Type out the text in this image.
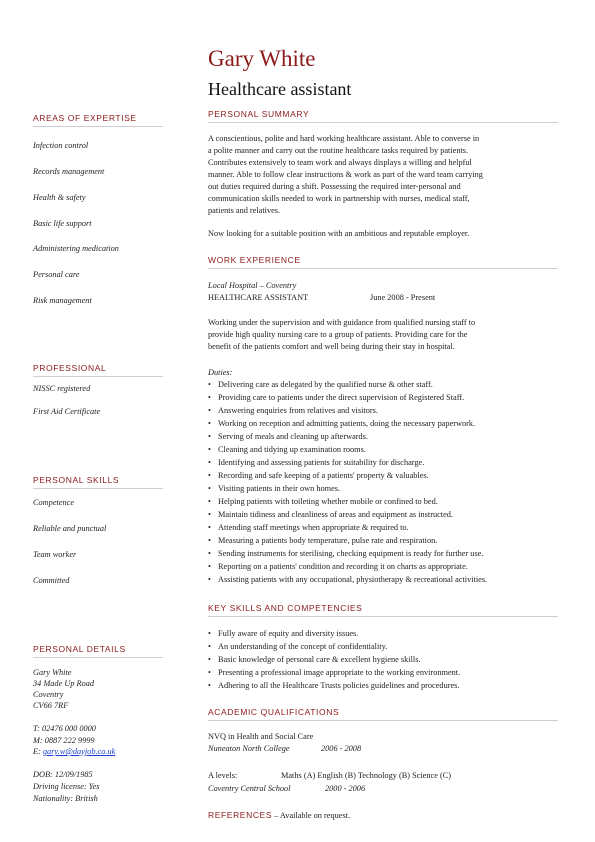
Gary White
Healthcare assistant
AREAS OF EXPERTISE
Infection control
Records management
Health & safety
Basic life support
Administering medication
Personal care
Risk management
PROFESSIONAL
NISSC registered
First Aid Certificate
PERSONAL SKILLS
Competence
Reliable and punctual
Team worker
Committed
PERSONAL DETAILS
Gary White
34 Made Up Road
Coventry
CV66 7RF
T: 02476 000 0000
M: 0887 222 9999
E: gary.w@dayjob.co.uk
DOB: 12/09/1985
Driving license: Yes
Nationality: British
PERSONAL SUMMARY
A conscientious, polite and hard working healthcare assistant. Able to converse in
a polite manner and carry out the routine healthcare tasks required by patients.
Contributes extensively to team work and always displays a willing and helpful
manner. Able to follow clear instructions & work as part of the ward team carrying
out duties required during a shift. Possessing the required inter-personal and
communication skills needed to work in partnership with nurses, medical staff,
patients and relatives.
Now looking for a suitable position with an ambitious and reputable employer.
WORK EXPERIENCE
Local Hospital – Coventry
HEALTHCARE ASSISTANT	June 2008 - Present
Working under the supervision and with guidance from qualified nursing staff to
provide high quality nursing care to a group of patients. Providing care for the
benefit of the patients comfort and well being during their stay in hospital.
Duties:
• Delivering care as delegated by the qualified nurse & other staff.
• Providing care to patients under the direct supervision of Registered Staff.
• Answering enquiries from relatives and visitors.
• Working on reception and admitting patients, doing the necessary paperwork.
• Serving of meals and cleaning up afterwards.
• Cleaning and tidying up examination rooms.
• Identifying and assessing patients for suitability for discharge.
• Recording and safe keeping of a patients' property & valuables.
• Visiting patients in their own homes.
• Helping patients with toileting whether mobile or confined to bed.
• Maintain tidiness and cleanliness of areas and equipment as instructed.
• Attending staff meetings when appropriate & required to.
• Measuring a patients body temperature, pulse rate and respiration.
• Sending instruments for sterilising, checking equipment is ready for further use.
• Reporting on a patients' condition and recording it on charts as appropriate.
• Assisting patients with any occupational, physiotherapy & recreational activities.
KEY SKILLS AND COMPETENCIES
• Fully aware of equity and diversity issues.
• An understanding of the concept of confidentiality.
• Basic knowledge of personal care & excellent hygiene skills.
• Presenting a professional image appropriate to the working environment.
• Adhering to all the Healthcare Trusts policies guidelines and procedures.
ACADEMIC QUALIFICATIONS
NVQ in Health and Social Care
Nuneaton North College	2006 - 2008
A levels:	Maths (A) English (B) Technology (B) Science (C)
Coventry Central School	2000 - 2006
REFERENCES – Available on request.
